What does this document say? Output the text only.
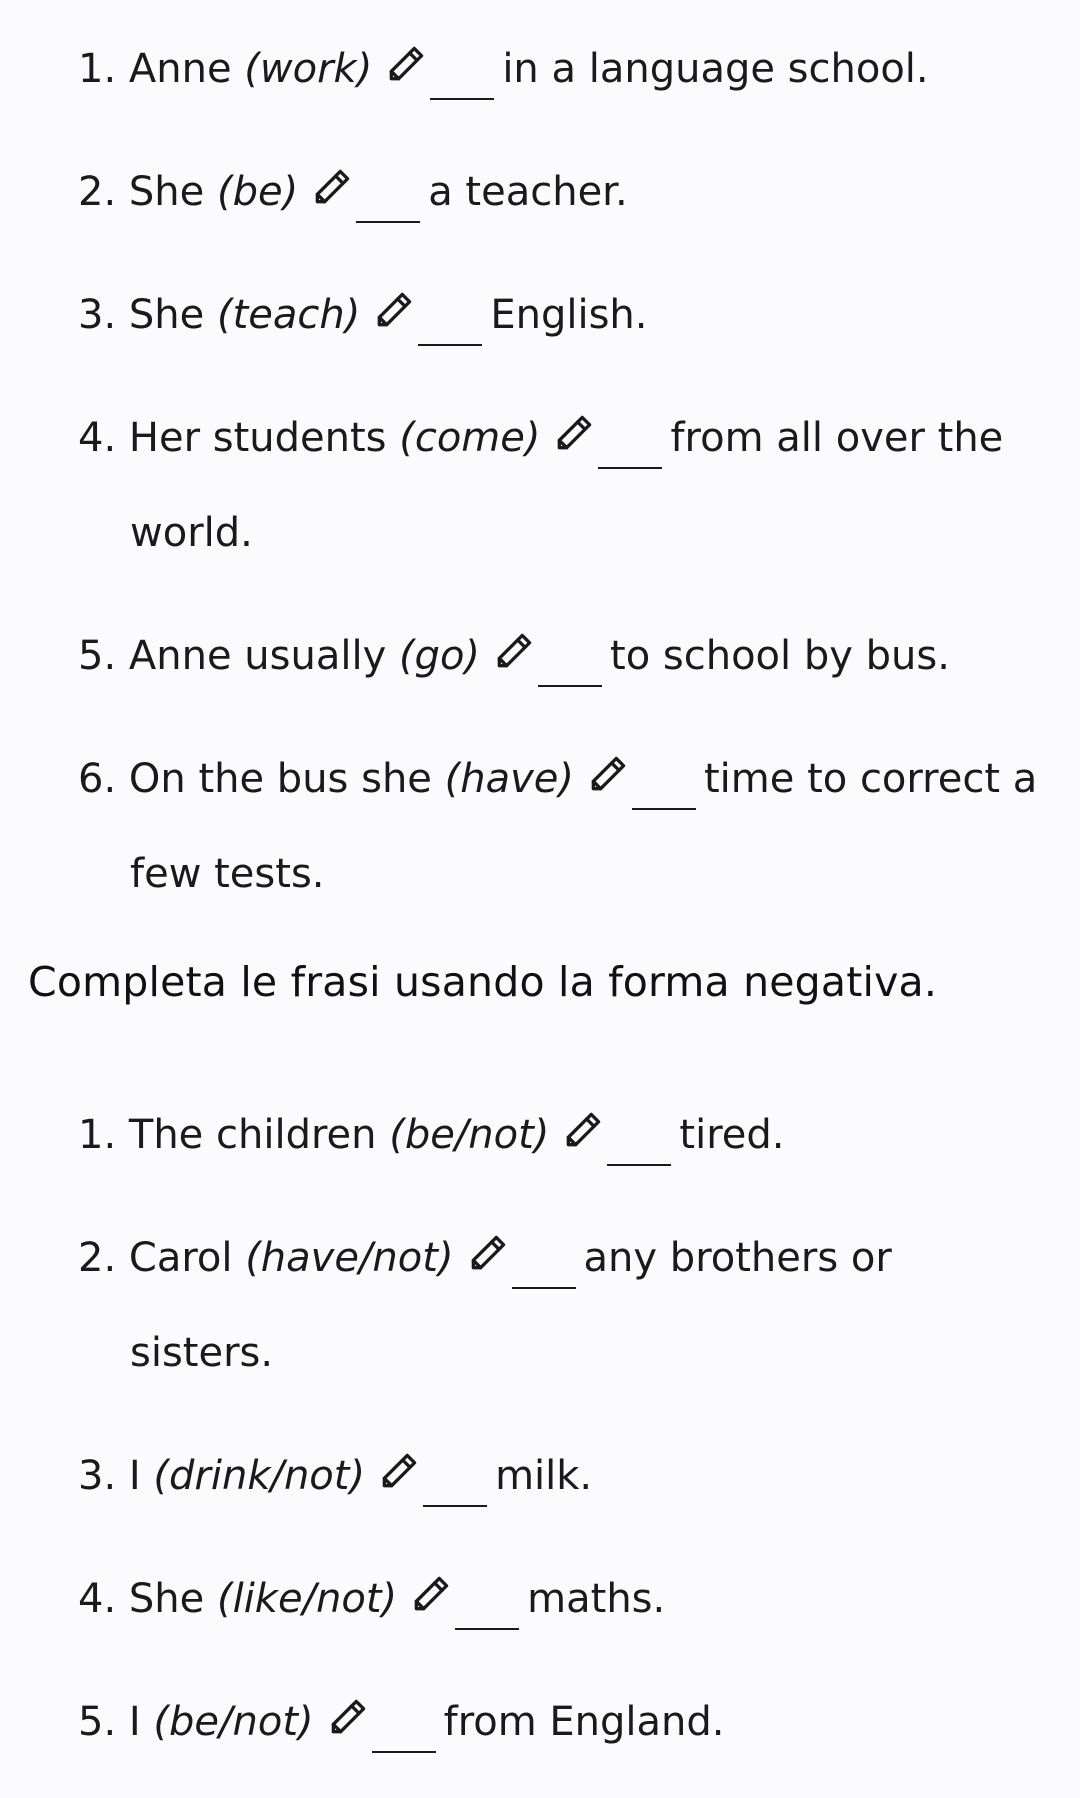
1. Anne (work)	in a language school.
2. She (be)	a teacher.
3. She (teach)	English.
4. Her students (come)	from all over the world.
5. Anne usually (go)	to school by bus.
6. On the bus she (have)	time to correct a few tests.
Completa le frasi usando la forma negativa.
1. The children (be/not)	tired.
2. Carol (have/not)	any brothers or sisters.
3. I (drink/not)	milk.
4. She (like/not)	maths.
5. I (be/not)	from England.
